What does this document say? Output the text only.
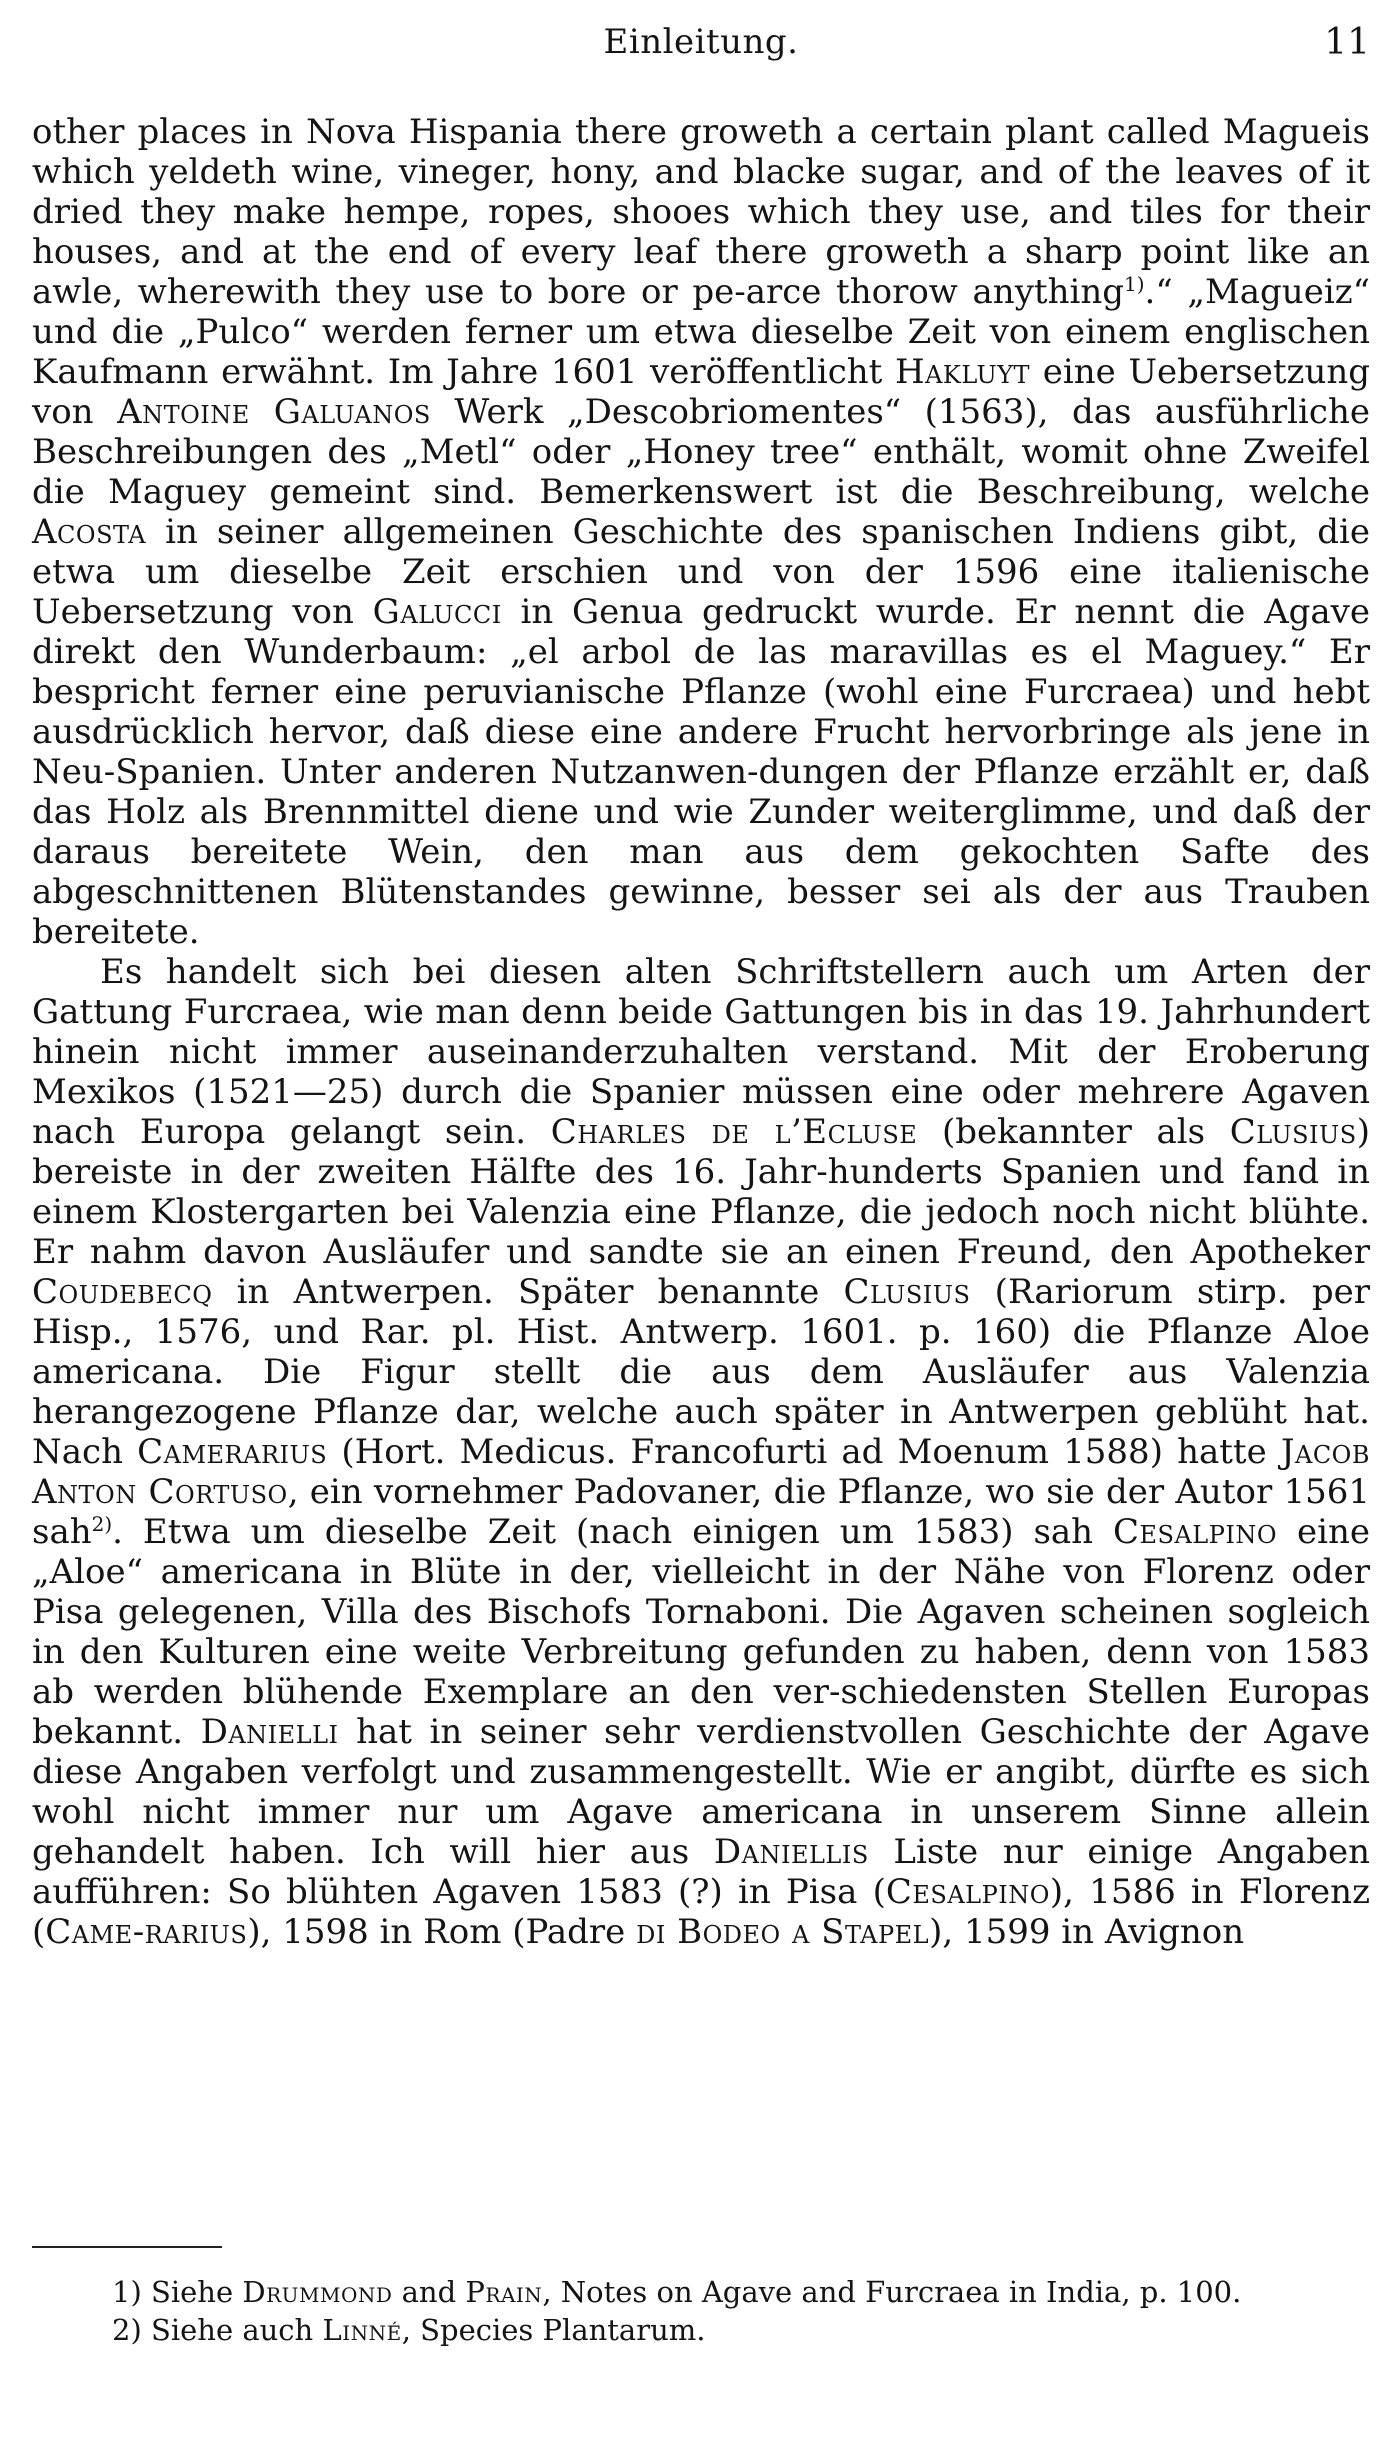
Einleitung.	11

other places in Nova Hispania there groweth a certain plant called Magueis which yeldeth wine, vineger, hony, and blacke sugar, and of the leaves of it dried they make hempe, ropes, shooes which they use, and tiles for their houses, and at the end of every leaf there groweth a sharp point like an awle, wherewith they use to bore or pe-arce thorow anything$^{1)}$.“ „Magueiz“ und die „Pulco“ werden ferner um etwa dieselbe Zeit von einem englischen Kaufmann erwähnt. Im Jahre 1601 veröffentlicht Hakluyt eine Uebersetzung von Antoine Galuanos Werk „Descobriomentes“ (1563), das ausführliche Beschreibungen des „Metl“ oder „Honey tree“ enthält, womit ohne Zweifel die Maguey gemeint sind. Bemerkenswert ist die Beschreibung, welche Acosta in seiner allgemeinen Geschichte des spanischen Indiens gibt, die etwa um dieselbe Zeit erschien und von der 1596 eine italienische Uebersetzung von Galucci in Genua gedruckt wurde. Er nennt die Agave direkt den Wunderbaum: „el arbol de las maravillas es el Maguey.“ Er bespricht ferner eine peruvianische Pflanze (wohl eine Furcraea) und hebt ausdrücklich hervor, daß diese eine andere Frucht hervorbringe als jene in Neu-Spanien. Unter anderen Nutzanwen-dungen der Pflanze erzählt er, daß das Holz als Brennmittel diene und wie Zunder weiterglimme, und daß der daraus bereitete Wein, den man aus dem gekochten Safte des abgeschnittenen Blütenstandes gewinne, besser sei als der aus Trauben bereitete.

Es handelt sich bei diesen alten Schriftstellern auch um Arten der Gattung Furcraea, wie man denn beide Gattungen bis in das 19. Jahrhundert hinein nicht immer auseinanderzuhalten verstand. Mit der Eroberung Mexikos (1521—25) durch die Spanier müssen eine oder mehrere Agaven nach Europa gelangt sein. Charles de l’Ecluse (bekannter als Clusius) bereiste in der zweiten Hälfte des 16. Jahr-hunderts Spanien und fand in einem Klostergarten bei Valenzia eine Pflanze, die jedoch noch nicht blühte. Er nahm davon Ausläufer und sandte sie an einen Freund, den Apotheker Coudebecq in Antwerpen. Später benannte Clusius (Rariorum stirp. per Hisp., 1576, und Rar. pl. Hist. Antwerp. 1601. p. 160) die Pflanze Aloe americana. Die Figur stellt die aus dem Ausläufer aus Valenzia herangezogene Pflanze dar, welche auch später in Antwerpen geblüht hat. Nach Camerarius (Hort. Medicus. Francofurti ad Moenum 1588) hatte Jacob Anton Cortuso, ein vornehmer Padovaner, die Pflanze, wo sie der Autor 1561 sah$^{2)}$. Etwa um dieselbe Zeit (nach einigen um 1583) sah Cesalpino eine „Aloe“ americana in Blüte in der, vielleicht in der Nähe von Florenz oder Pisa gelegenen, Villa des Bischofs Tornaboni. Die Agaven scheinen sogleich in den Kulturen eine weite Verbreitung gefunden zu haben, denn von 1583 ab werden blühende Exemplare an den ver-schiedensten Stellen Europas bekannt. Danielli hat in seiner sehr verdienstvollen Geschichte der Agave diese Angaben verfolgt und zusammengestellt. Wie er angibt, dürfte es sich wohl nicht immer nur um Agave americana in unserem Sinne allein gehandelt haben. Ich will hier aus Daniellis Liste nur einige Angaben aufführen: So blühten Agaven 1583 (?) in Pisa (Cesalpino), 1586 in Florenz (Came-rarius), 1598 in Rom (Padre di Bodeo a Stapel), 1599 in Avignon

1) Siehe Drummond and Prain, Notes on Agave and Furcraea in India, p. 100.

2) Siehe auch Linné, Species Plantarum.
